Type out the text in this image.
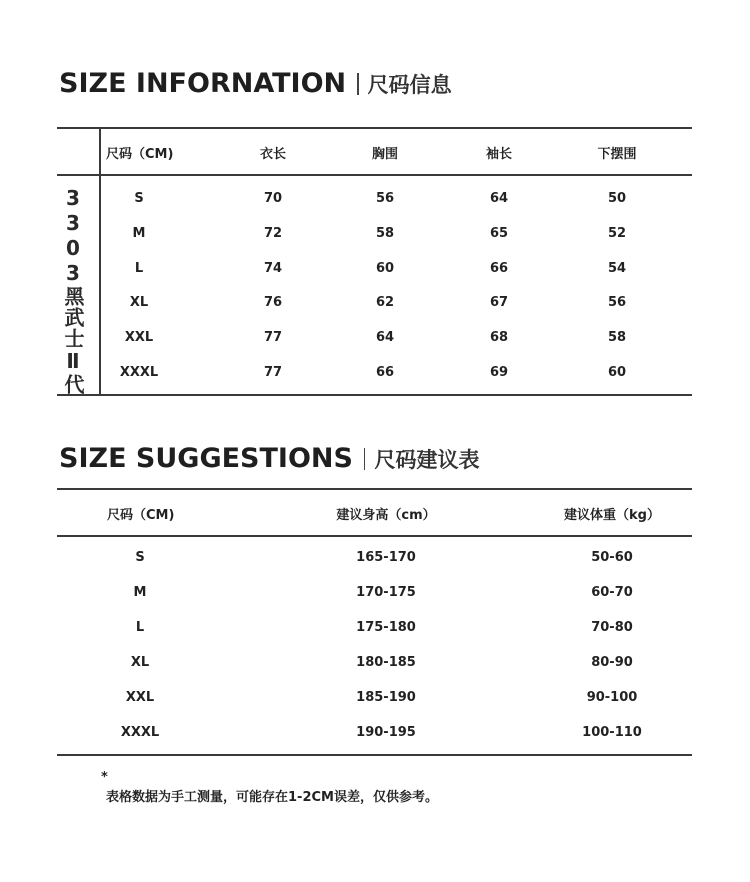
SIZE INFORNATION 尺码信息
3303黑武士Ⅱ代
尺码（CM)	衣长	胸围	袖长	下摆围
S	70	56	64	50
M	72	58	65	52
L	74	60	66	54
XL	76	62	67	56
XXL	77	64	68	58
XXXL	77	66	69	60
SIZE SUGGESTIONS 尺码建议表
尺码（CM)	建议身高（cm）	建议体重（kg）
S	165-170	50-60
M	170-175	60-70
L	175-180	70-80
XL	180-185	80-90
XXL	185-190	90-100
XXXL	190-195	100-110
*
表格数据为手工测量，可能存在1-2CM误差，仅供参考。
